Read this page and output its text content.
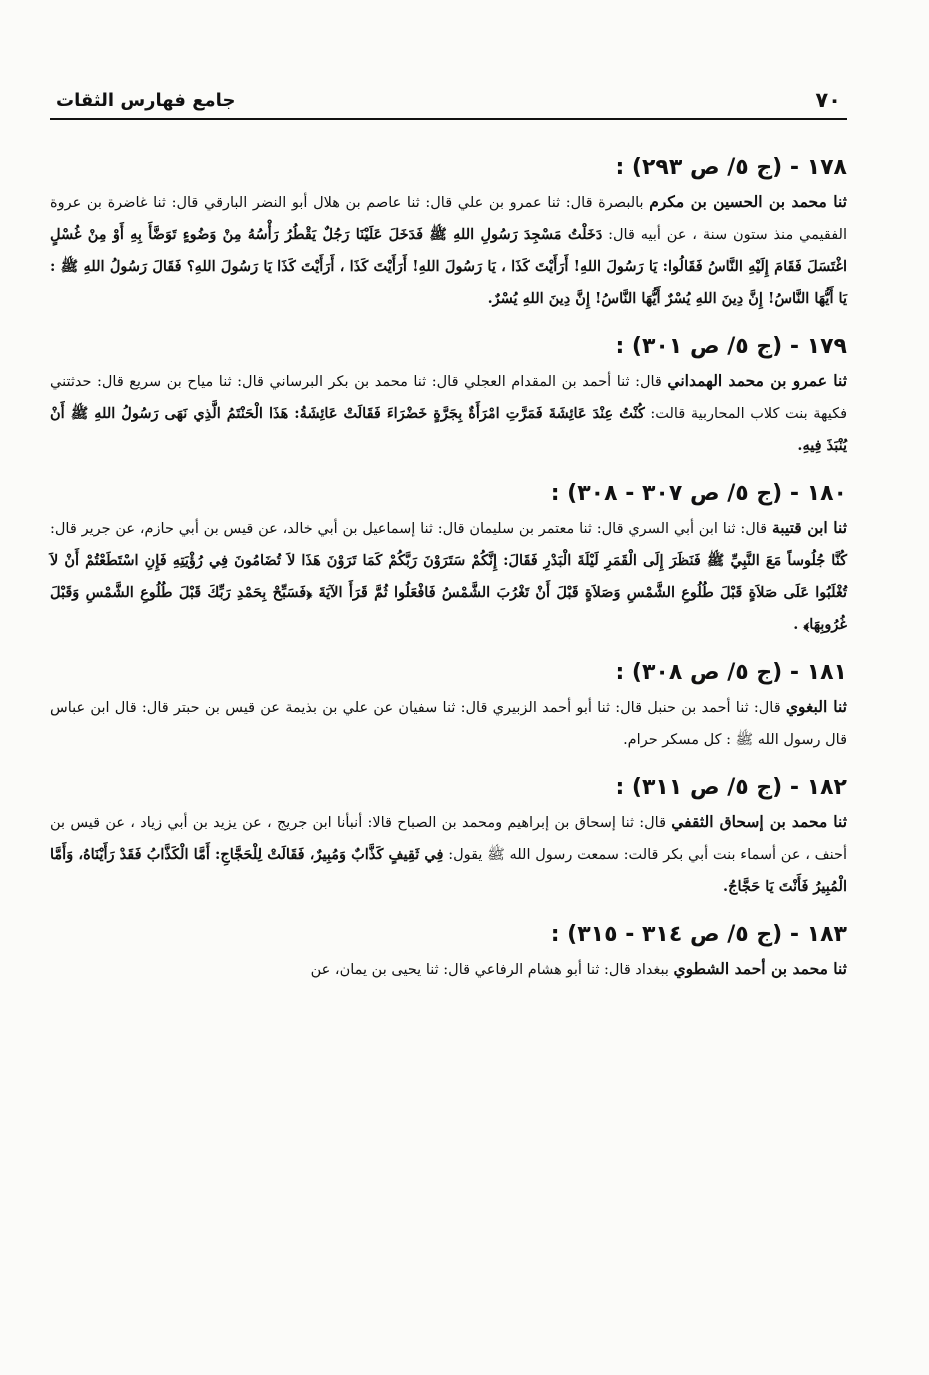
٧٠
جامع فهارس الثقات
١٧٨ - (ج ٥/ ص ٢٩٣) :
ثنا محمد بن الحسين بن مكرم بالبصرة قال: ثنا عمرو بن علي قال: ثنا عاصم بن هلال أبو النضر البارقي قال: ثنا غاضرة بن عروة الفقيمي منذ ستون سنة ، عن أبيه قال: دَخَلْتُ مَسْجِدَ رَسُولِ اللهِ ﷺ فَدَخَلَ عَلَيْنَا رَجُلٌ يَقْطُرُ رَأْسُهُ مِنْ وَضُوءٍ تَوَضَّأَ بِهِ أَوْ مِنْ غُسْلٍ اغْتَسَلَ فَقَامَ إِلَيْهِ النَّاسُ فَقَالُوا: يَا رَسُولَ اللهِ! أَرَأَيْتَ كَذَا ، يَا رَسُولَ اللهِ! أَرَأَيْتَ كَذَا ، أَرَأَيْتَ كَذَا يَا رَسُولَ اللهِ؟ فَقَالَ رَسُولُ اللهِ ﷺ : يَا أَيُّهَا النَّاسُ! إِنَّ دِينَ اللهِ يُسْرٌ أَيُّهَا النَّاسُ! إِنَّ دِينَ اللهِ يُسْرٌ.
١٧٩ - (ج ٥/ ص ٣٠١) :
ثنا عمرو بن محمد الهمداني قال: ثنا أحمد بن المقدام العجلي قال: ثنا محمد بن بكر البرساني قال: ثنا مياح بن سريع قال: حدثتني فكيهة بنت كلاب المحاربية قالت: كُنْتُ عِنْدَ عَائِشَةَ فَمَرَّتِ امْرَأَةٌ بِجَرَّةٍ خَضْرَاءَ فَقَالَتْ عَائِشَةُ: هَذَا الْحَنْتَمُ الَّذِي نَهَى رَسُولُ اللهِ ﷺ أَنْ يُنْبَذَ فِيهِ.
١٨٠ - (ج ٥/ ص ٣٠٧ - ٣٠٨) :
ثنا ابن قتيبة قال: ثنا ابن أبي السري قال: ثنا معتمر بن سليمان قال: ثنا إسماعيل بن أبي خالد، عن قيس بن أبي حازم، عن جرير قال: كُنَّا جُلُوساً مَعَ النَّبِيِّ ﷺ فَنَظَرَ إِلَى الْقَمَرِ لَيْلَةَ الْبَدْرِ فَقَالَ: إِنَّكُمْ سَتَرَوْنَ رَبَّكُمْ كَمَا تَرَوْنَ هَذَا لاَ تُضَامُونَ فِي رُؤْيَتِهِ فَإِنِ اسْتَطَعْتُمْ أَنْ لاَ تُغْلَبُوا عَلَى صَلاَةٍ قَبْلَ طُلُوعِ الشَّمْسِ وَصَلاَةٍ قَبْلَ أَنْ تَغْرُبَ الشَّمْسُ فَافْعَلُوا ثُمَّ قَرَأَ الآيَةَ ﴿فَسَبِّحْ بِحَمْدِ رَبِّكَ قَبْلَ طُلُوعِ الشَّمْسِ وَقَبْلَ غُرُوبِهَا﴾ .
١٨١ - (ج ٥/ ص ٣٠٨) :
ثنا البغوي قال: ثنا أحمد بن حنبل قال: ثنا أبو أحمد الزبيري قال: ثنا سفيان عن علي بن بذيمة عن قيس بن حبتر قال: قال ابن عباس قال رسول الله ﷺ : كل مسكر حرام.
١٨٢ - (ج ٥/ ص ٣١١) :
ثنا محمد بن إسحاق الثقفي قال: ثنا إسحاق بن إبراهيم ومحمد بن الصباح قالا: أنبأنا ابن جريج ، عن يزيد بن أبي زياد ، عن قيس بن أحنف ، عن أسماء بنت أبي بكر قالت: سمعت رسول الله ﷺ يقول: فِي ثَقِيفٍ كَذَّابٌ وَمُبِيرٌ، فَقَالَتْ لِلْحَجَّاجِ: أَمَّا الْكَذَّابُ فَقَدْ رَأَيْنَاهُ، وَأَمَّا الْمُبِيرُ فَأَنْتَ يَا حَجَّاجُ.
١٨٣ - (ج ٥/ ص ٣١٤ - ٣١٥) :
ثنا محمد بن أحمد الشطوي ببغداد قال: ثنا أبو هشام الرفاعي قال: ثنا يحيى بن يمان، عن
